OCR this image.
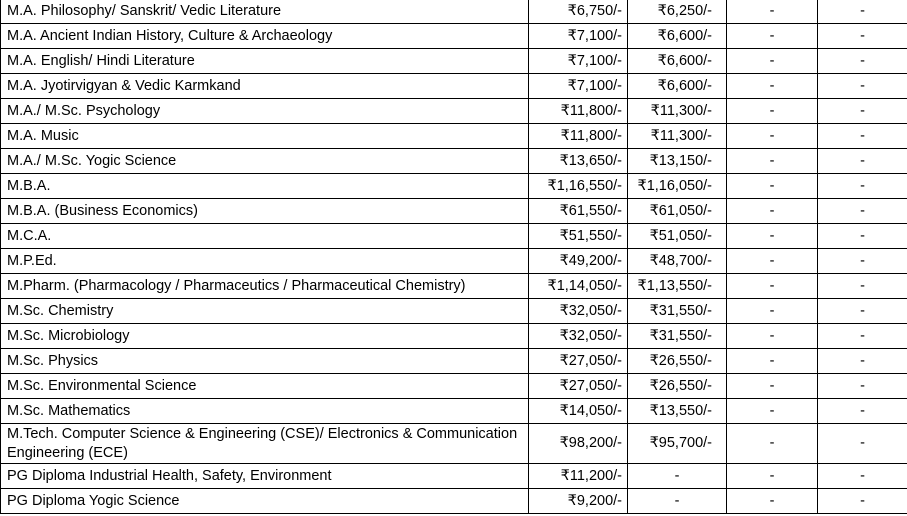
M.A. Philosophy/ Sanskrit/ Vedic Literature	₹6,750/-	₹6,250/-	-	-
M.A. Ancient Indian History, Culture & Archaeology	₹7,100/-	₹6,600/-	-	-
M.A. English/ Hindi Literature	₹7,100/-	₹6,600/-	-	-
M.A. Jyotirvigyan & Vedic Karmkand	₹7,100/-	₹6,600/-	-	-
M.A./ M.Sc. Psychology	₹11,800/-	₹11,300/-	-	-
M.A. Music	₹11,800/-	₹11,300/-	-	-
M.A./ M.Sc. Yogic Science	₹13,650/-	₹13,150/-	-	-
M.B.A.	₹1,16,550/-	₹1,16,050/-	-	-
M.B.A. (Business Economics)	₹61,550/-	₹61,050/-	-	-
M.C.A.	₹51,550/-	₹51,050/-	-	-
M.P.Ed.	₹49,200/-	₹48,700/-	-	-
M.Pharm. (Pharmacology / Pharmaceutics / Pharmaceutical Chemistry)	₹1,14,050/-	₹1,13,550/-	-	-
M.Sc. Chemistry	₹32,050/-	₹31,550/-	-	-
M.Sc. Microbiology	₹32,050/-	₹31,550/-	-	-
M.Sc. Physics	₹27,050/-	₹26,550/-	-	-
M.Sc. Environmental Science	₹27,050/-	₹26,550/-	-	-
M.Sc. Mathematics	₹14,050/-	₹13,550/-	-	-
M.Tech. Computer Science & Engineering (CSE)/ Electronics & Communication Engineering (ECE)	₹98,200/-	₹95,700/-	-	-
PG Diploma Industrial Health, Safety, Environment	₹11,200/-	-	-	-
PG Diploma Yogic Science	₹9,200/-	-	-	-
